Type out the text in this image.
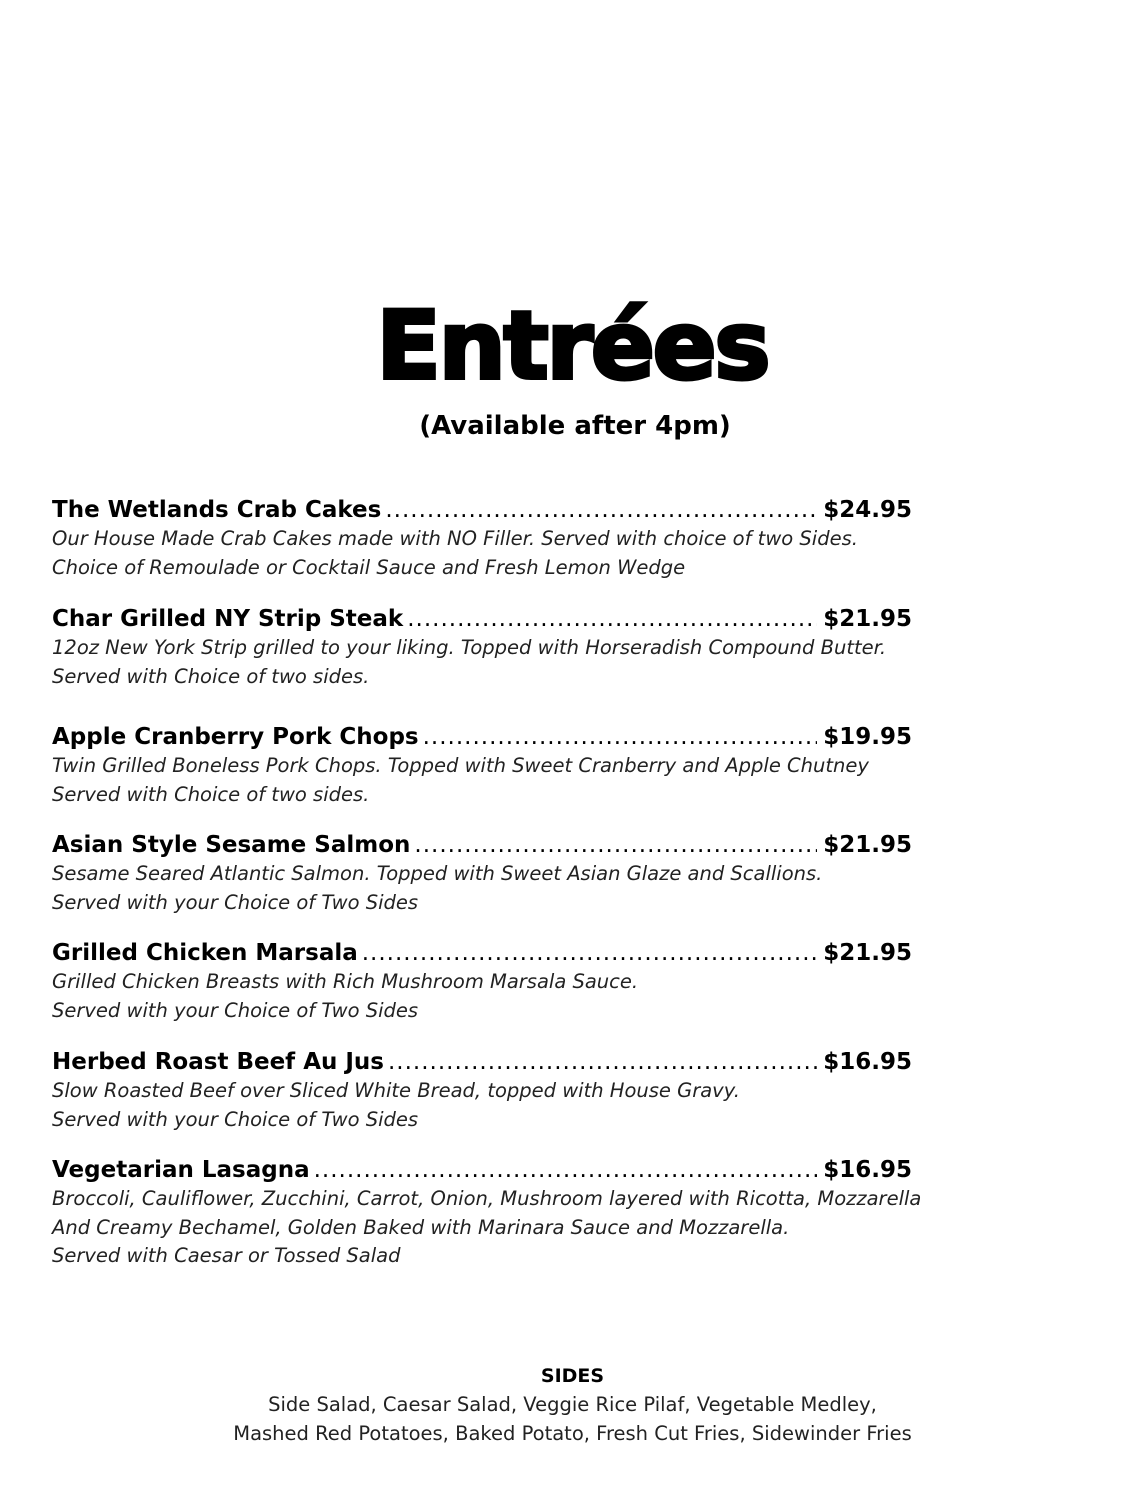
Entrées
(Available after 4pm)
The Wetlands Crab Cakes .....	$24.95
Our House Made Crab Cakes made with NO Filler. Served with choice of two Sides.
Choice of Remoulade or Cocktail Sauce and Fresh Lemon Wedge
Char Grilled NY Strip Steak .....	$21.95
12oz New York Strip grilled to your liking. Topped with Horseradish Compound Butter.
Served with Choice of two sides.
Apple Cranberry Pork Chops .....	$19.95
Twin Grilled Boneless Pork Chops. Topped with Sweet Cranberry and Apple Chutney
Served with Choice of two sides.
Asian Style Sesame Salmon .....	$21.95
Sesame Seared Atlantic Salmon. Topped with Sweet Asian Glaze and Scallions.
Served with your Choice of Two Sides
Grilled Chicken Marsala .....	$21.95
Grilled Chicken Breasts with Rich Mushroom Marsala Sauce.
Served with your Choice of Two Sides
Herbed Roast Beef Au Jus .....	$16.95
Slow Roasted Beef over Sliced White Bread, topped with House Gravy.
Served with your Choice of Two Sides
Vegetarian Lasagna .....	$16.95
Broccoli, Cauliflower, Zucchini, Carrot, Onion, Mushroom layered with Ricotta, Mozzarella
And Creamy Bechamel, Golden Baked with Marinara Sauce and Mozzarella.
Served with Caesar or Tossed Salad
SIDES
Side Salad, Caesar Salad, Veggie Rice Pilaf, Vegetable Medley,
Mashed Red Potatoes, Baked Potato, Fresh Cut Fries, Sidewinder Fries
